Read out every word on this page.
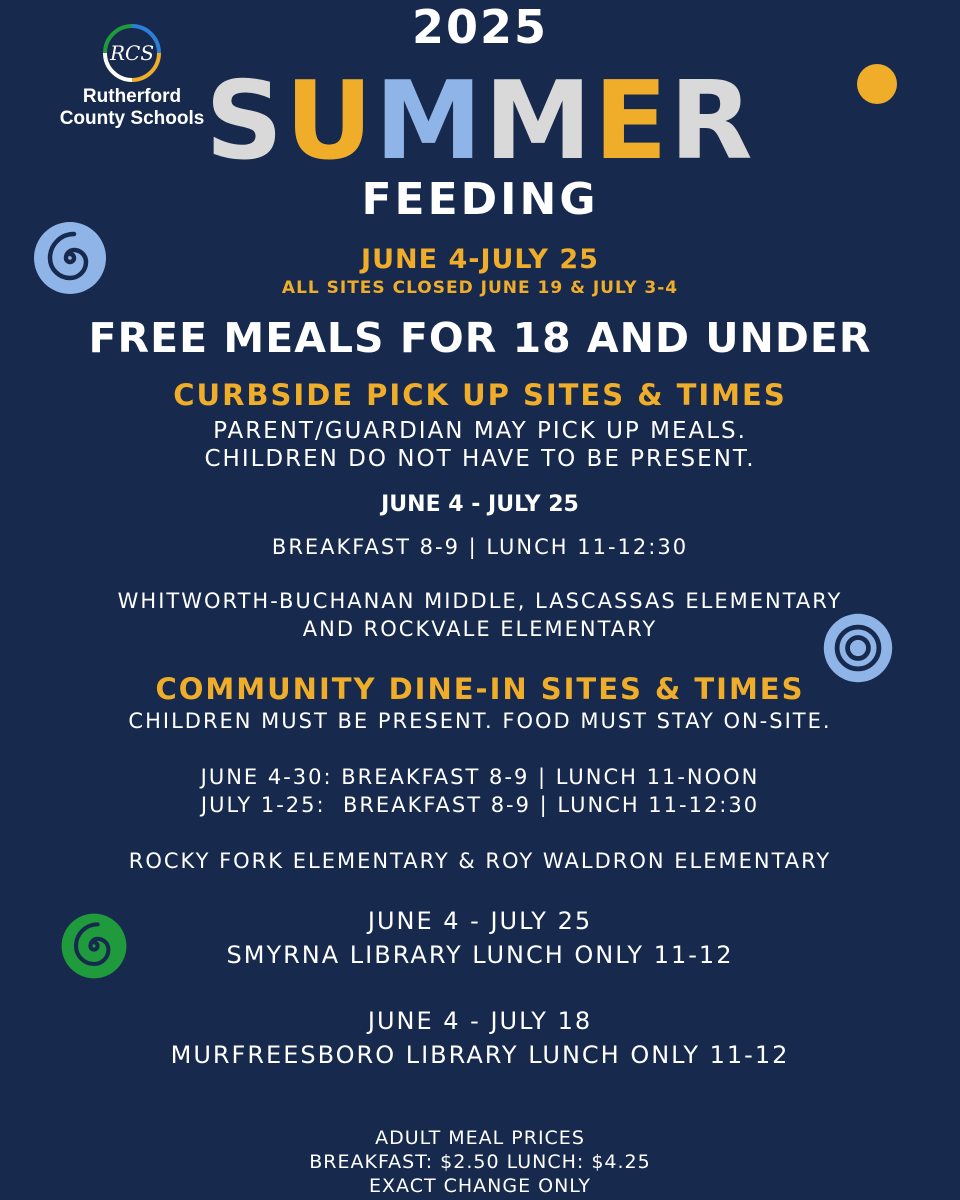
RCS
Rutherford
County Schools
2025
SUMMER
FEEDING
JUNE 4-JULY 25
ALL SITES CLOSED JUNE 19 & JULY 3-4
FREE MEALS FOR 18 AND UNDER
CURBSIDE PICK UP SITES & TIMES
PARENT/GUARDIAN MAY PICK UP MEALS.
CHILDREN DO NOT HAVE TO BE PRESENT.
JUNE 4 - JULY 25
BREAKFAST 8-9 | LUNCH 11-12:30
WHITWORTH-BUCHANAN MIDDLE, LASCASSAS ELEMENTARY
AND ROCKVALE ELEMENTARY
COMMUNITY DINE-IN SITES & TIMES
CHILDREN MUST BE PRESENT. FOOD MUST STAY ON-SITE.
JUNE 4-30: BREAKFAST 8-9 | LUNCH 11-NOON
JULY 1-25:  BREAKFAST 8-9 | LUNCH 11-12:30
ROCKY FORK ELEMENTARY & ROY WALDRON ELEMENTARY
JUNE 4 - JULY 25
SMYRNA LIBRARY LUNCH ONLY 11-12
JUNE 4 - JULY 18
MURFREESBORO LIBRARY LUNCH ONLY 11-12
ADULT MEAL PRICES
BREAKFAST: $2.50 LUNCH: $4.25
EXACT CHANGE ONLY
